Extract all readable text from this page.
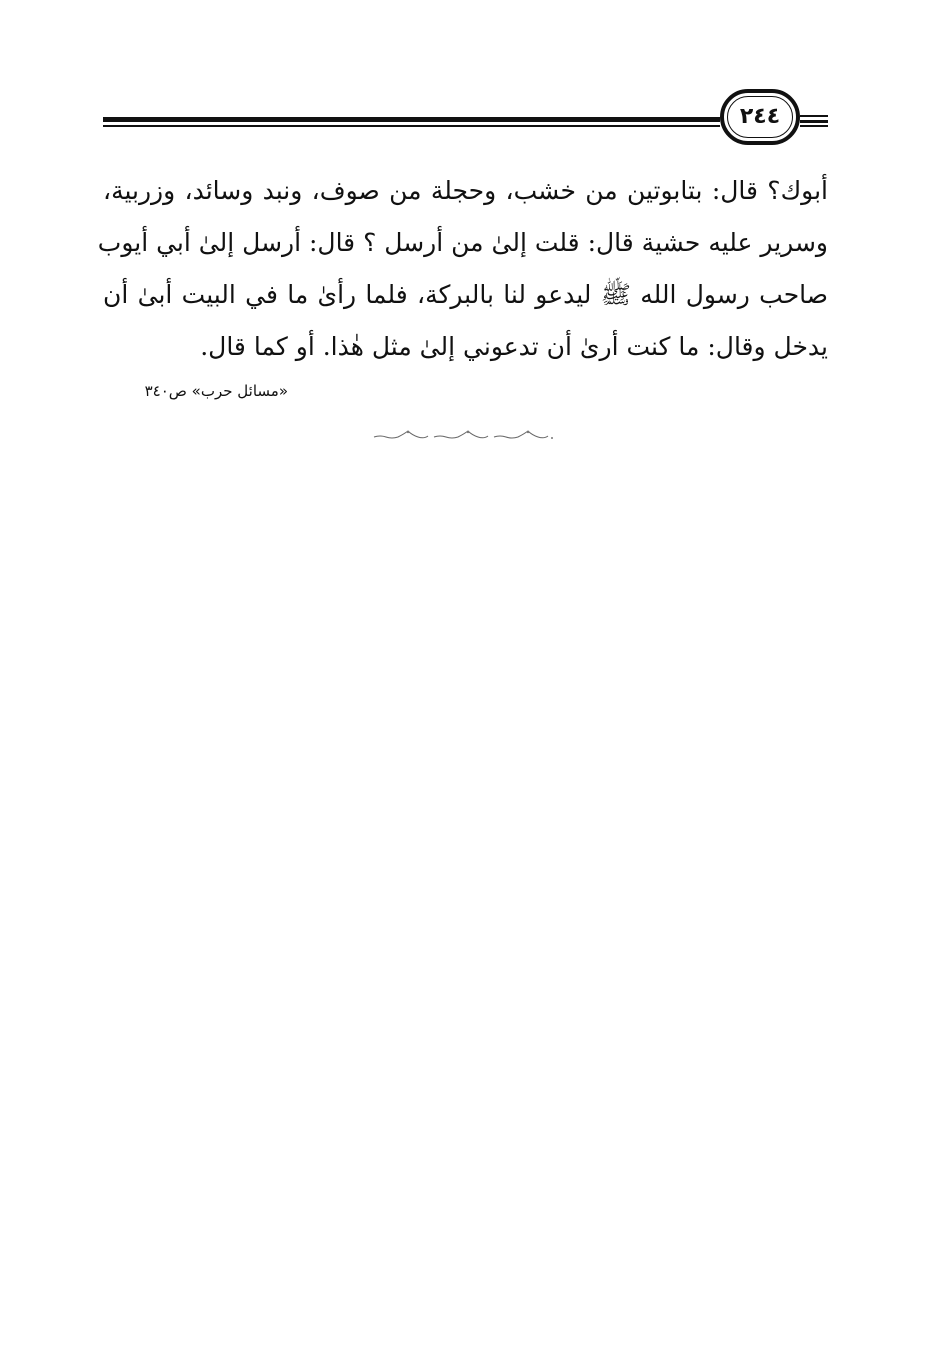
٢٤٤
أبوك؟ قال: بتابوتين من خشب، وحجلة من صوف، ونبد وسائد، وزربية،
وسرير عليه حشية قال: قلت إلىٰ من أرسل ؟ قال: أرسل إلىٰ أبي أيوب
صاحب رسول الله ﷺ ليدعو لنا بالبركة، فلما رأىٰ ما في البيت أبىٰ أن
يدخل وقال: ما كنت أرىٰ أن تدعوني إلىٰ مثل هٰذا. أو كما قال.
«مسائل حرب» ص٣٤٠
